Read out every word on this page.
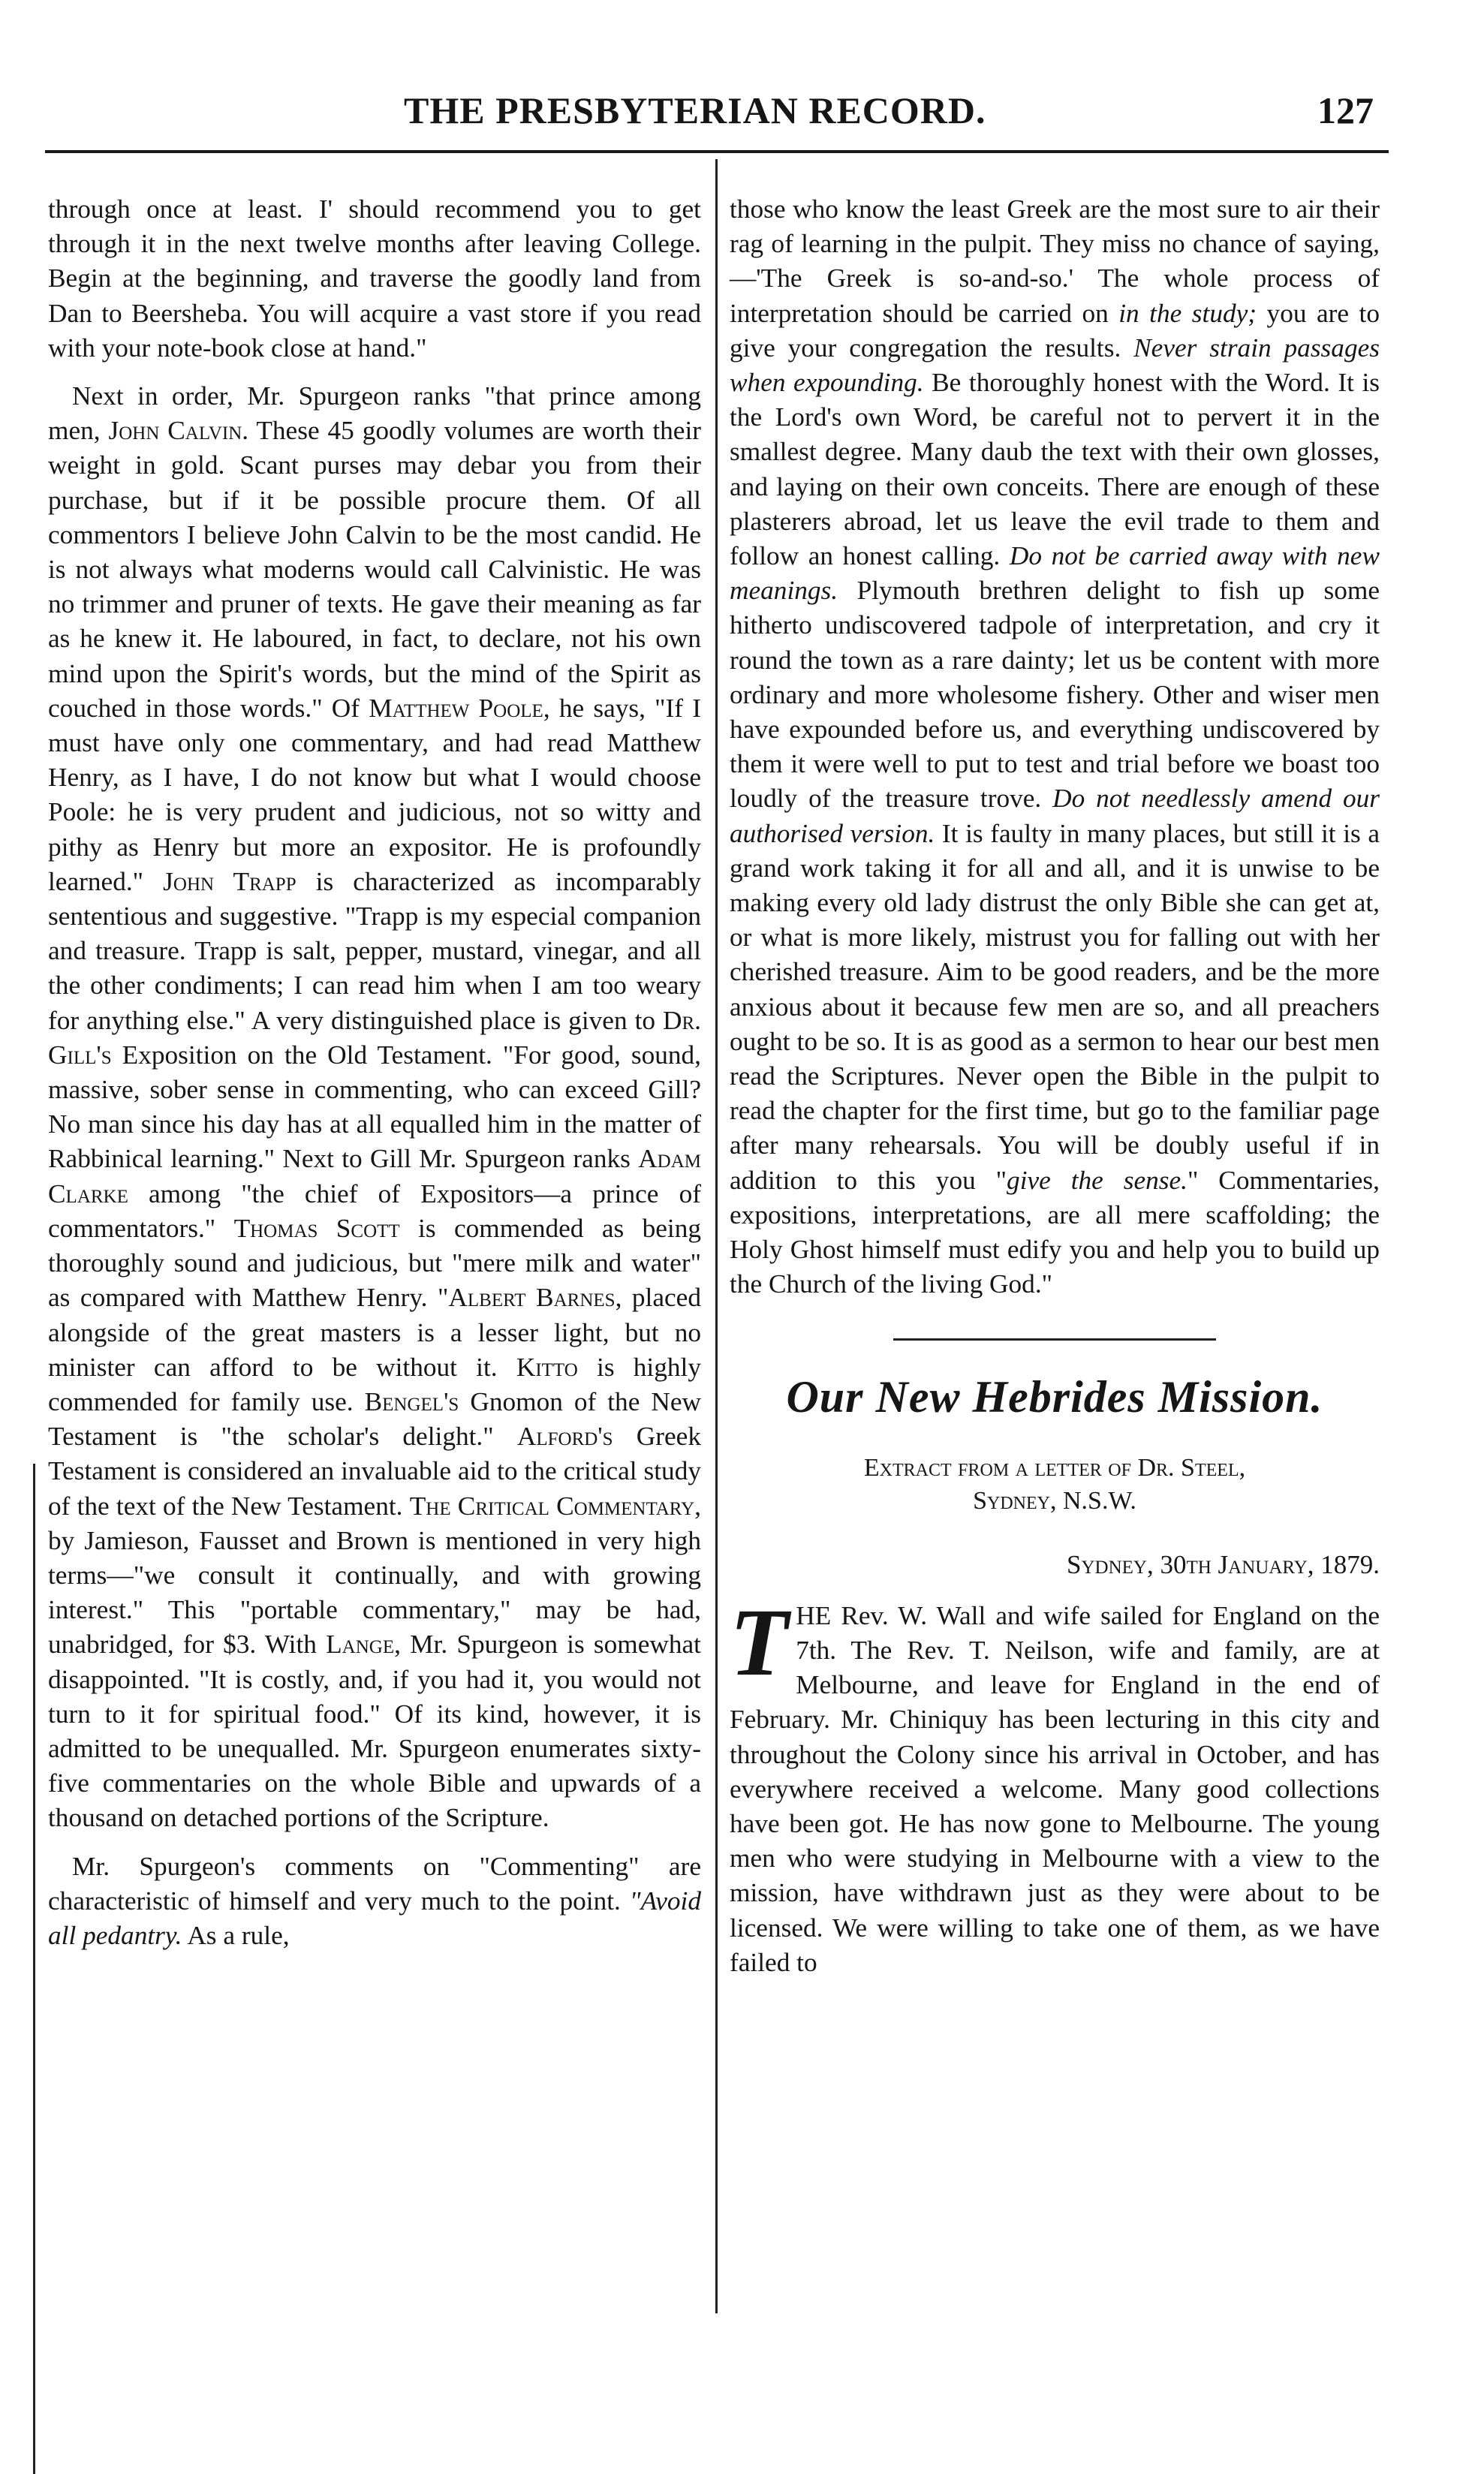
THE PRESBYTERIAN RECORD.	127

through once at least. I' should recommend you to get through it in the next twelve months after leaving College. Begin at the beginning, and traverse the goodly land from Dan to Beersheba. You will acquire a vast store if you read with your note-book close at hand."

Next in order, Mr. Spurgeon ranks "that prince among men, John Calvin. These 45 goodly volumes are worth their weight in gold. Scant purses may debar you from their purchase, but if it be possible procure them. Of all commentors I believe John Calvin to be the most candid. He is not always what moderns would call Calvinistic. He was no trimmer and pruner of texts. He gave their meaning as far as he knew it. He laboured, in fact, to declare, not his own mind upon the Spirit's words, but the mind of the Spirit as couched in those words." Of Matthew Poole, he says, "If I must have only one commentary, and had read Matthew Henry, as I have, I do not know but what I would choose Poole: he is very prudent and judicious, not so witty and pithy as Henry but more an expositor. He is profoundly learned." John Trapp is characterized as incomparably sententious and suggestive. "Trapp is my especial companion and treasure. Trapp is salt, pepper, mustard, vinegar, and all the other condiments; I can read him when I am too weary for anything else." A very distinguished place is given to Dr. Gill's Exposition on the Old Testament. "For good, sound, massive, sober sense in commenting, who can exceed Gill? No man since his day has at all equalled him in the matter of Rabbinical learning." Next to Gill Mr. Spurgeon ranks Adam Clarke among "the chief of Expositors—a prince of commentators." Thomas Scott is commended as being thoroughly sound and judicious, but "mere milk and water" as compared with Matthew Henry. "Albert Barnes, placed alongside of the great masters is a lesser light, but no minister can afford to be without it. Kitto is highly commended for family use. Bengel's Gnomon of the New Testament is "the scholar's delight." Alford's Greek Testament is considered an invaluable aid to the critical study of the text of the New Testament. The Critical Commentary, by Jamieson, Fausset and Brown is mentioned in very high terms—"we consult it continually, and with growing interest." This "portable commentary," may be had, unabridged, for $3. With Lange, Mr. Spurgeon is somewhat disappointed. "It is costly, and, if you had it, you would not turn to it for spiritual food." Of its kind, however, it is admitted to be unequalled. Mr. Spurgeon enumerates sixty-five commentaries on the whole Bible and upwards of a thousand on detached portions of the Scripture.

Mr. Spurgeon's comments on "Commenting" are characteristic of himself and very much to the point. "Avoid all pedantry. As a rule,

those who know the least Greek are the most sure to air their rag of learning in the pulpit. They miss no chance of saying,—'The Greek is so-and-so.' The whole process of interpretation should be carried on in the study; you are to give your congregation the results. Never strain passages when expounding. Be thoroughly honest with the Word. It is the Lord's own Word, be careful not to pervert it in the smallest degree. Many daub the text with their own glosses, and laying on their own conceits. There are enough of these plasterers abroad, let us leave the evil trade to them and follow an honest calling. Do not be carried away with new meanings. Plymouth brethren delight to fish up some hitherto undiscovered tadpole of interpretation, and cry it round the town as a rare dainty; let us be content with more ordinary and more wholesome fishery. Other and wiser men have expounded before us, and everything undiscovered by them it were well to put to test and trial before we boast too loudly of the treasure trove. Do not needlessly amend our authorised version. It is faulty in many places, but still it is a grand work taking it for all and all, and it is unwise to be making every old lady distrust the only Bible she can get at, or what is more likely, mistrust you for falling out with her cherished treasure. Aim to be good readers, and be the more anxious about it because few men are so, and all preachers ought to be so. It is as good as a sermon to hear our best men read the Scriptures. Never open the Bible in the pulpit to read the chapter for the first time, but go to the familiar page after many rehearsals. You will be doubly useful if in addition to this you "give the sense." Commentaries, expositions, interpretations, are all mere scaffolding; the Holy Ghost himself must edify you and help you to build up the Church of the living God."

Our New Hebrides Mission.
Extract from a letter of Dr. Steel,
Sydney, N.S.W.
Sydney, 30th January, 1879.

THE Rev. W. Wall and wife sailed for England on the 7th. The Rev. T. Neilson, wife and family, are at Melbourne, and leave for England in the end of February. Mr. Chiniquy has been lecturing in this city and throughout the Colony since his arrival in October, and has everywhere received a welcome. Many good collections have been got. He has now gone to Melbourne. The young men who were studying in Melbourne with a view to the mission, have withdrawn just as they were about to be licensed. We were willing to take one of them, as we have failed to
